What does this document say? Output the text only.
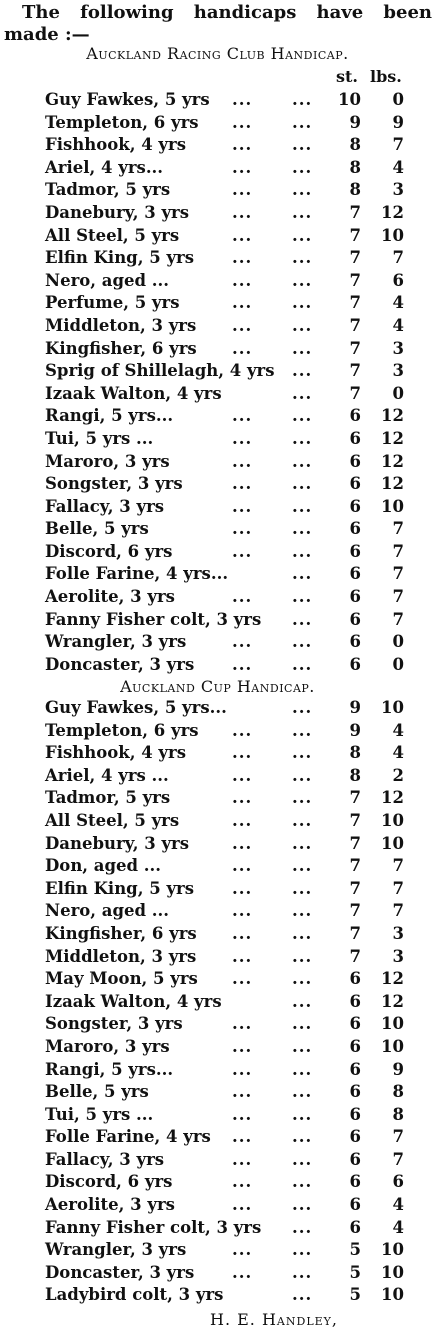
The following handicaps have been
made :—
Auckland Racing Club Handicap.
st. lbs.
Guy Fawkes, 5 yrs ... ...	10	0
Templeton, 6 yrs ... ...	9	9
Fishhook, 4 yrs	... ...	8	7
Ariel, 4 yrs...	... ...	8	4
Tadmor, 5 yrs	... ...	8	3
Danebury, 3 yrs	... ...	7	12
All Steel, 5 yrs	... ...	7	10
Elfin King, 5 yrs ... ...	7	7
Nero, aged ...	... ...	7	6
Perfume, 5 yrs	... ...	7	4
Middleton, 3 yrs ... ...	7	4
Kingfisher, 6 yrs ... ...	7	3
Sprig of Shillelagh, 4 yrs ...	7	3
Izaak Walton, 4 yrs	...	7	0
Rangi, 5 yrs...	... ...	6	12
Tui, 5 yrs ...	... ...	6	12
Maroro, 3 yrs	... ...	6	12
Songster, 3 yrs	... ...	6	12
Fallacy, 3 yrs	... ...	6	10
Belle, 5 yrs	... ...	6	7
Discord, 6 yrs	... ...	6	7
Folle Farine, 4 yrs...	...	6	7
Aerolite, 3 yrs	... ...	6	7
Fanny Fisher colt, 3 yrs ...	6	7
Wrangler, 3 yrs	... ...	6	0
Doncaster, 3 yrs ... ...	6	0
Auckland Cup Handicap.
Guy Fawkes, 5 yrs...	...	9	10
Templeton, 6 yrs ... ...	9	4
Fishhook, 4 yrs	... ...	8	4
Ariel, 4 yrs ...	... ...	8	2
Tadmor, 5 yrs	... ...	7	12
All Steel, 5 yrs	... ...	7	10
Danebury, 3 yrs	... ...	7	10
Don, aged ...	... ...	7	7
Elfin King, 5 yrs ... ...	7	7
Nero, aged ...	... ...	7	7
Kingfisher, 6 yrs ... ...	7	3
Middleton, 3 yrs ... ...	7	3
May Moon, 5 yrs ... ...	6	12
Izaak Walton, 4 yrs	...	6	12
Songster, 3 yrs	... ...	6	10
Maroro, 3 yrs	... ...	6	10
Rangi, 5 yrs...	... ...	6	9
Belle, 5 yrs	... ...	6	8
Tui, 5 yrs ...	... ...	6	8
Folle Farine, 4 yrs ... ...	6	7
Fallacy, 3 yrs	... ...	6	7
Discord, 6 yrs	... ...	6	6
Aerolite, 3 yrs	... ...	6	4
Fanny Fisher colt, 3 yrs ...	6	4
Wrangler, 3 yrs	... ...	5	10
Doncaster, 3 yrs ... ...	5	10
Ladybird colt, 3 yrs	...	5	10
H. E. Handley,
